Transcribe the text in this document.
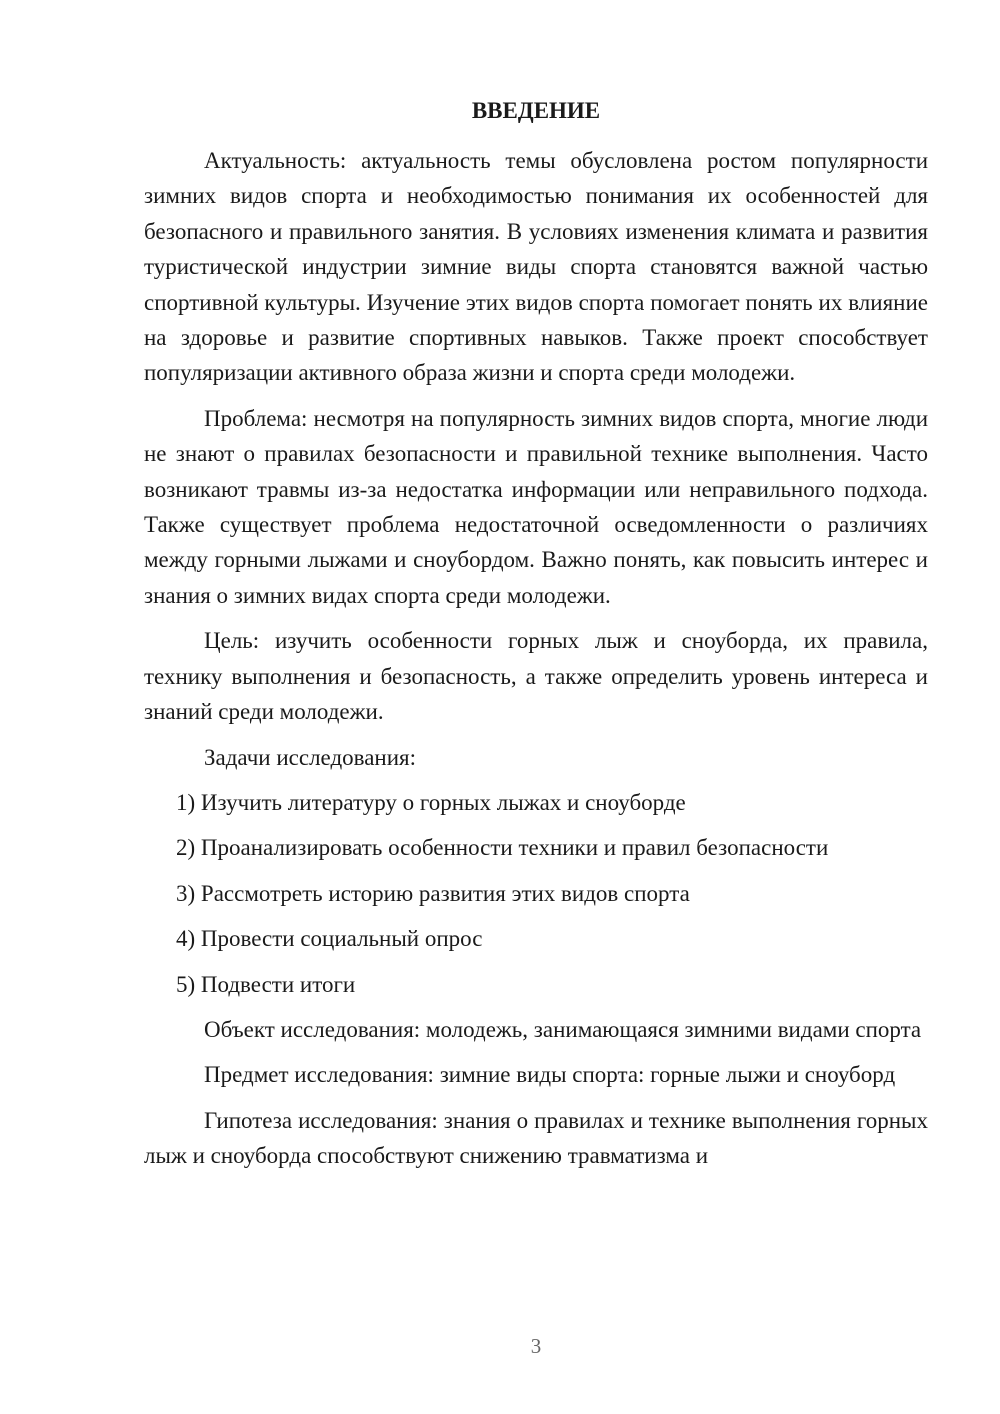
ВВЕДЕНИЕ

Актуальность: актуальность темы обусловлена ростом популярности зимних видов спорта и необходимостью понимания их особенностей для безопасного и правильного занятия. В условиях изменения климата и развития туристической индустрии зимние виды спорта становятся важной частью спортивной культуры. Изучение этих видов спорта помогает понять их влияние на здоровье и развитие спортивных навыков. Также проект способствует популяризации активного образа жизни и спорта среди молодежи.

Проблема: несмотря на популярность зимних видов спорта, многие люди не знают о правилах безопасности и правильной технике выполнения. Часто возникают травмы из-за недостатка информации или неправильного подхода. Также существует проблема недостаточной осведомленности о различиях между горными лыжами и сноубордом. Важно понять, как повысить интерес и знания о зимних видах спорта среди молодежи.

Цель: изучить особенности горных лыж и сноуборда, их правила, технику выполнения и безопасность, а также определить уровень интереса и знаний среди молодежи.

Задачи исследования:

1) Изучить литературу о горных лыжах и сноуборде
2) Проанализировать особенности техники и правил безопасности
3) Рассмотреть историю развития этих видов спорта
4) Провести социальный опрос
5) Подвести итоги

Объект исследования: молодежь, занимающаяся зимними видами спорта

Предмет исследования: зимние виды спорта: горные лыжи и сноуборд

Гипотеза исследования: знания о правилах и технике выполнения горных лыж и сноуборда способствуют снижению травматизма и

3
